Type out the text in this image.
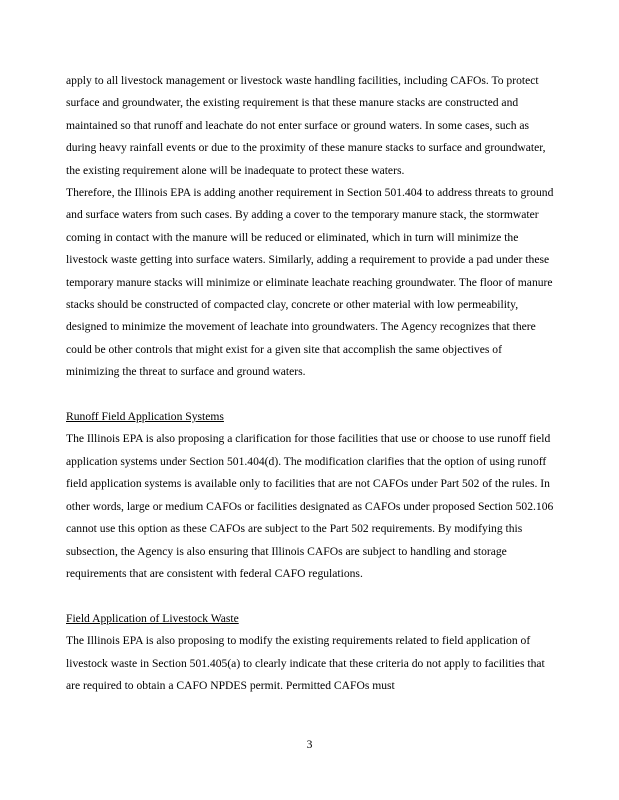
apply to all livestock management or livestock waste handling facilities, including CAFOs. To protect surface and groundwater, the existing requirement is that these manure stacks are constructed and maintained so that runoff and leachate do not enter surface or ground waters. In some cases, such as during heavy rainfall events or due to the proximity of these manure stacks to surface and groundwater, the existing requirement alone will be inadequate to protect these waters.

Therefore, the Illinois EPA is adding another requirement in Section 501.404 to address threats to ground and surface waters from such cases. By adding a cover to the temporary manure stack, the stormwater coming in contact with the manure will be reduced or eliminated, which in turn will minimize the livestock waste getting into surface waters. Similarly, adding a requirement to provide a pad under these temporary manure stacks will minimize or eliminate leachate reaching groundwater. The floor of manure stacks should be constructed of compacted clay, concrete or other material with low permeability, designed to minimize the movement of leachate into groundwaters. The Agency recognizes that there could be other controls that might exist for a given site that accomplish the same objectives of minimizing the threat to surface and ground waters.

Runoff Field Application Systems

The Illinois EPA is also proposing a clarification for those facilities that use or choose to use runoff field application systems under Section 501.404(d). The modification clarifies that the option of using runoff field application systems is available only to facilities that are not CAFOs under Part 502 of the rules. In other words, large or medium CAFOs or facilities designated as CAFOs under proposed Section 502.106 cannot use this option as these CAFOs are subject to the Part 502 requirements. By modifying this subsection, the Agency is also ensuring that Illinois CAFOs are subject to handling and storage requirements that are consistent with federal CAFO regulations.

Field Application of Livestock Waste

The Illinois EPA is also proposing to modify the existing requirements related to field application of livestock waste in Section 501.405(a) to clearly indicate that these criteria do not apply to facilities that are required to obtain a CAFO NPDES permit. Permitted CAFOs must

3
